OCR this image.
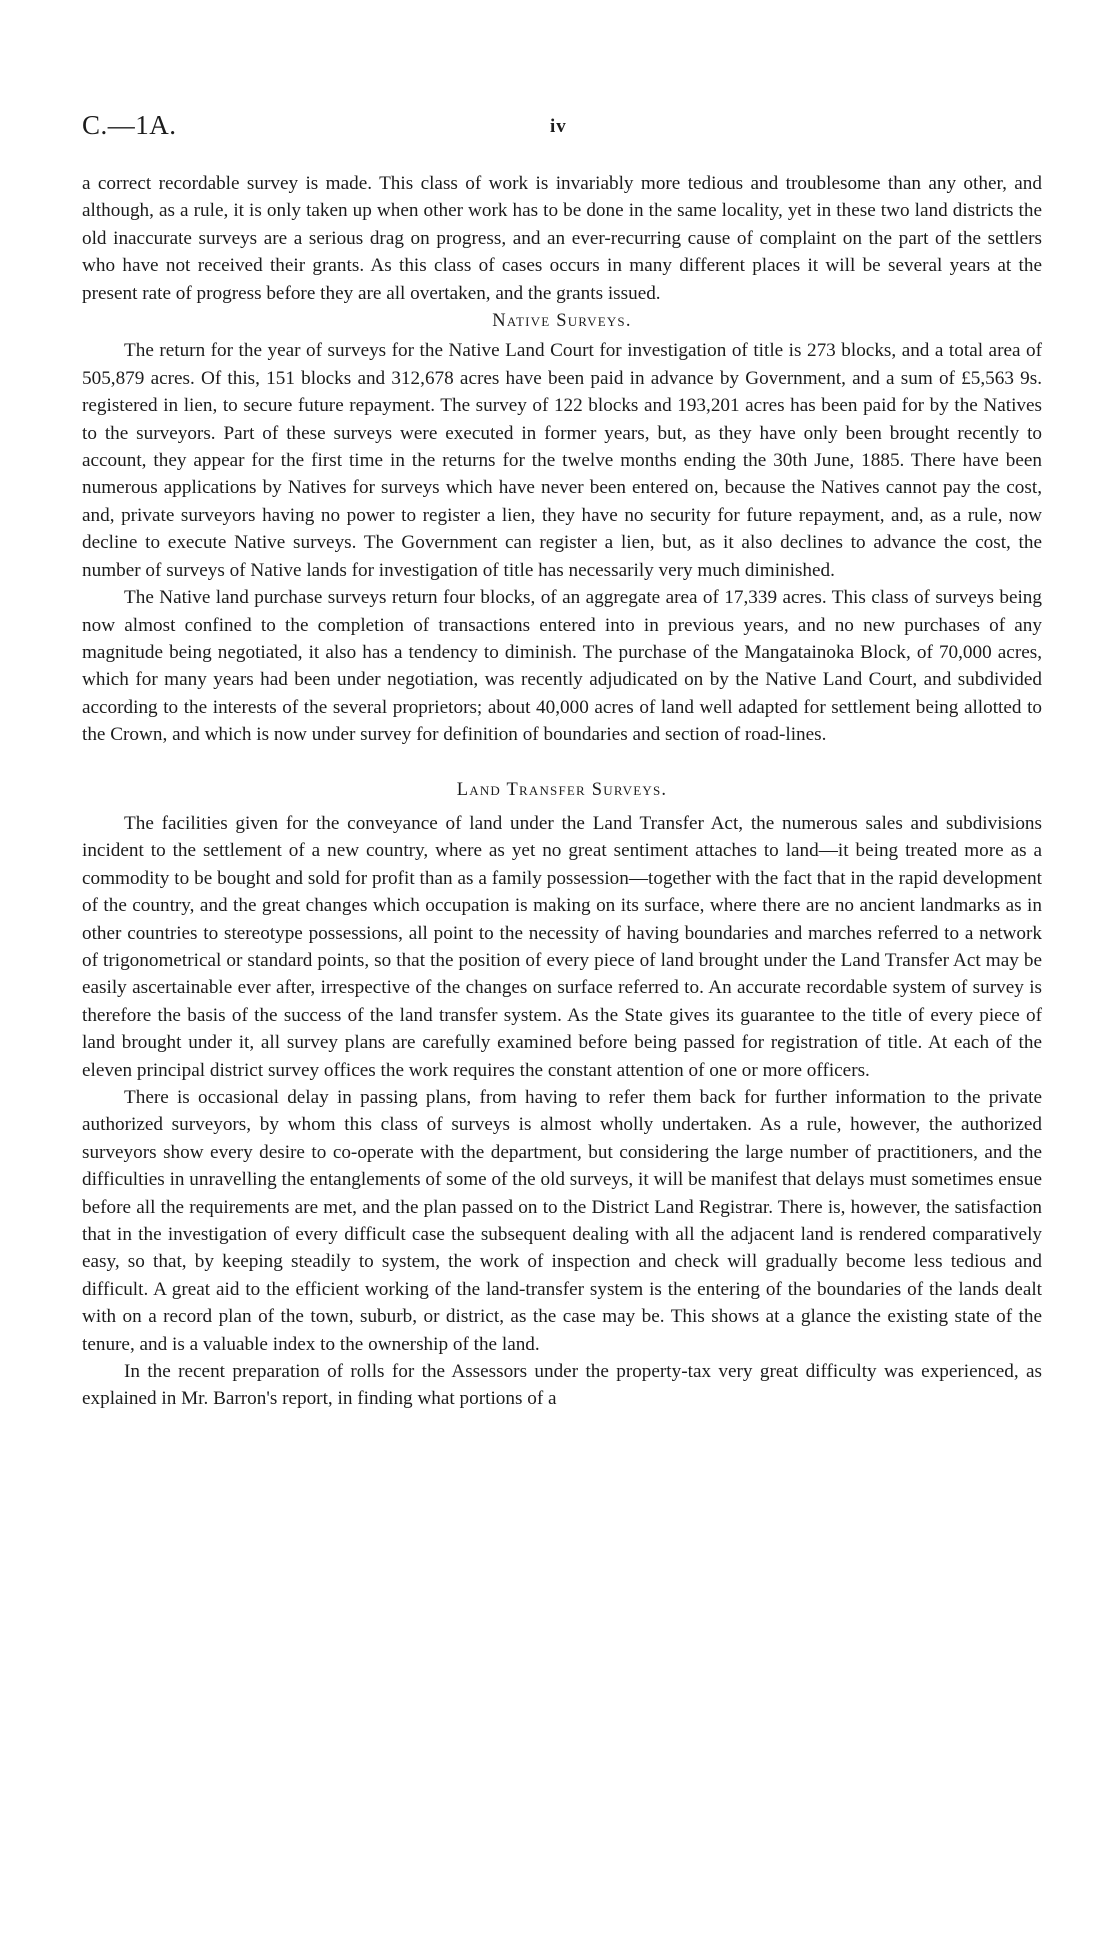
C.—1A.	iv

a correct recordable survey is made. This class of work is invariably more tedious and troublesome than any other, and although, as a rule, it is only taken up when other work has to be done in the same locality, yet in these two land districts the old inaccurate surveys are a serious drag on progress, and an ever-recurring cause of complaint on the part of the settlers who have not received their grants. As this class of cases occurs in many different places it will be several years at the present rate of progress before they are all overtaken, and the grants issued.

Native Surveys.

The return for the year of surveys for the Native Land Court for investigation of title is 273 blocks, and a total area of 505,879 acres. Of this, 151 blocks and 312,678 acres have been paid in advance by Government, and a sum of £5,563 9s. registered in lien, to secure future repayment. The survey of 122 blocks and 193,201 acres has been paid for by the Natives to the surveyors. Part of these surveys were executed in former years, but, as they have only been brought recently to account, they appear for the first time in the returns for the twelve months ending the 30th June, 1885. There have been numerous applications by Natives for surveys which have never been entered on, because the Natives cannot pay the cost, and, private surveyors having no power to register a lien, they have no security for future repayment, and, as a rule, now decline to execute Native surveys. The Government can register a lien, but, as it also declines to advance the cost, the number of surveys of Native lands for investigation of title has necessarily very much diminished.

The Native land purchase surveys return four blocks, of an aggregate area of 17,339 acres. This class of surveys being now almost confined to the completion of transactions entered into in previous years, and no new purchases of any magnitude being negotiated, it also has a tendency to diminish. The purchase of the Mangatainoka Block, of 70,000 acres, which for many years had been under negotiation, was recently adjudicated on by the Native Land Court, and subdivided according to the interests of the several proprietors; about 40,000 acres of land well adapted for settlement being allotted to the Crown, and which is now under survey for definition of boundaries and section of road-lines.

Land Transfer Surveys.

The facilities given for the conveyance of land under the Land Transfer Act, the numerous sales and subdivisions incident to the settlement of a new country, where as yet no great sentiment attaches to land—it being treated more as a commodity to be bought and sold for profit than as a family possession—together with the fact that in the rapid development of the country, and the great changes which occupation is making on its surface, where there are no ancient landmarks as in other countries to stereotype possessions, all point to the necessity of having boundaries and marches referred to a network of trigonometrical or standard points, so that the position of every piece of land brought under the Land Transfer Act may be easily ascertainable ever after, irrespective of the changes on surface referred to. An accurate recordable system of survey is therefore the basis of the success of the land transfer system. As the State gives its guarantee to the title of every piece of land brought under it, all survey plans are carefully examined before being passed for registration of title. At each of the eleven principal district survey offices the work requires the constant attention of one or more officers.

There is occasional delay in passing plans, from having to refer them back for further information to the private authorized surveyors, by whom this class of surveys is almost wholly undertaken. As a rule, however, the authorized surveyors show every desire to co-operate with the department, but considering the large number of practitioners, and the difficulties in unravelling the entanglements of some of the old surveys, it will be manifest that delays must sometimes ensue before all the requirements are met, and the plan passed on to the District Land Registrar. There is, however, the satisfaction that in the investigation of every difficult case the subsequent dealing with all the adjacent land is rendered comparatively easy, so that, by keeping steadily to system, the work of inspection and check will gradually become less tedious and difficult. A great aid to the efficient working of the land-transfer system is the entering of the boundaries of the lands dealt with on a record plan of the town, suburb, or district, as the case may be. This shows at a glance the existing state of the tenure, and is a valuable index to the ownership of the land.

In the recent preparation of rolls for the Assessors under the property-tax very great difficulty was experienced, as explained in Mr. Barron's report, in finding what portions of a
